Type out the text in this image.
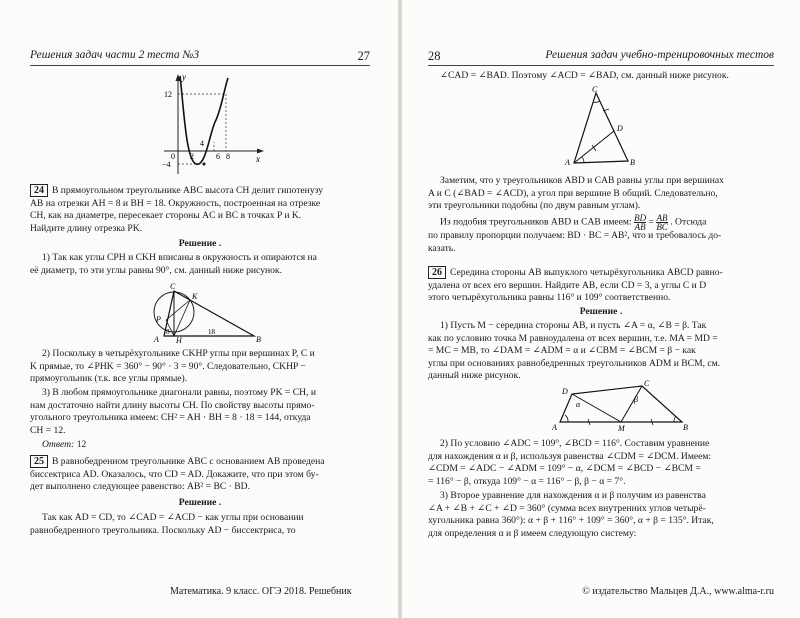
Решения задач части 2 теста №3	27
y
x
12
4
−4
0 2	6 8
24 В прямоугольном треугольнике ABC высота CH делит гипотенузу
AB на отрезки AH = 8 и BH = 18. Окружность, построенная на отрезке
CH, как на диаметре, пересекает стороны AC и BC в точках P и K.
Найдите длину отрезка PK.
Решение .
1) Так как углы CPH и CKH вписаны в окружность и опираются на
её диаметр, то эти углы равны 90°, см. данный ниже рисунок.
C
K
P
A H	B
8	18
2) Поскольку в четырёхугольнике CKHP углы при вершинах P, C и
K прямые, то ∠PHK = 360° − 90° · 3 = 90°. Следовательно, CKHP −
прямоугольник (т.к. все углы прямые).
3) В любом прямоугольнике диагонали равны, поэтому PK = CH, и
нам достаточно найти длину высоты CH. По свойству высоты прямо-
угольного треугольника имеем: CH² = AH · BH = 8 · 18 = 144, откуда
CH = 12.
Ответ: 12
25 В равнобедренном треугольнике ABC с основанием AB проведена
биссектриса AD. Оказалось, что CD = AD. Докажите, что при этом бу-
дет выполнено следующее равенство: AB² = BC · BD.
Решение .
Так как AD = CD, то ∠CAD = ∠ACD − как углы при основании
равнобедренного треугольника. Поскольку AD − биссектриса, то
Математика. 9 класс. ОГЭ 2018. Решебник
28	Решения задач учебно-тренировочных тестов
∠CAD = ∠BAD. Поэтому ∠ACD = ∠BAD, см. данный ниже рисунок.
C
D
A	B
Заметим, что у треугольников ABD и CAB равны углы при вершинах
A и C (∠BAD = ∠ACD), а угол при вершине B общий. Следовательно,
эти треугольники подобны (по двум равным углам).
Из подобия треугольников ABD и CAB имеем: $\frac{BD}{AB} = \frac{AB}{BC}$ . Отсюда
по правилу пропорции получаем: BD · BC = AB², что и требовалось до-
казать.
26 Середина стороны AB выпуклого четырёхугольника ABCD равно-
удалена от всех его вершин. Найдите AB, если CD = 3, а углы C и D
этого четырёхугольника равны 116° и 109° соответственно.
Решение .
1) Пусть M − середина стороны AB, и пусть ∠A = α, ∠B = β. Так
как по условию точка M равноудалена от всех вершин, т.е. MA = MD =
= MC = MB, то ∠DAM = ∠ADM = α и ∠CBM = ∠BCM = β − как
углы при основаниях равнобедренных треугольников ADM и BCM, см.
данный ниже рисунок.
D
C
A	M	B
α
β
2) По условию ∠ADC = 109°, ∠BCD = 116°. Составим уравнение
для нахождения α и β, используя равенства ∠CDM = ∠DCM. Имеем:
∠CDM = ∠ADC − ∠ADM = 109° − α, ∠DCM = ∠BCD − ∠BCM =
= 116° − β, откуда 109° − α = 116° − β, β − α = 7°.
3) Второе уравнение для нахождения α и β получим из равенства
∠A + ∠B + ∠C + ∠D = 360° (сумма всех внутренних углов четырё-
хугольника равна 360°): α + β + 116° + 109° = 360°, α + β = 135°. Итак,
для определения α и β имеем следующую систему:
© издательство Мальцев Д.А., www.alma-r.ru
